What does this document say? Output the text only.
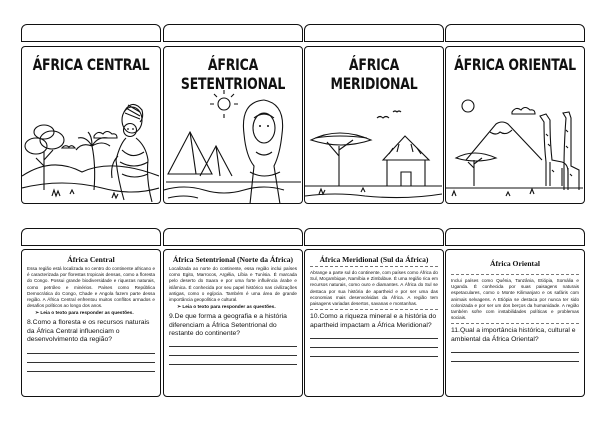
ÁFRICA CENTRAL	ÁFRICA SETENTRIONAL
ÁFRICA MERIDIONAL
ÁFRICA ORIENTAL
África Central
Essa região está localizada no centro do continente africano e é caracterizada por florestas tropicais densas, como a floresta do Congo. Possui grande biodiversidade e riquezas naturais, como petróleo e minérios. Países como República Democrática do Congo, Chade e Angola fazem parte dessa região. A África Central enfrentou muitos conflitos armados e desafios políticos ao longo dos anos.
➢ Leia o texto para responder as questões.
8.Como a floresta e os recursos naturais da África Central influenciam o desenvolvimento da região?
África Setentrional (Norte da África)
Localizada ao norte do continente, essa região inclui países como Egito, Marrocos, Argélia, Líbia e Tunísia. É marcada pelo deserto do Saara e por uma forte influência árabe e islâmica. É conhecida por seu papel histórico nas civilizações antigas, como o egípcia. Também é uma área de grande importância geopolítica e cultural.
➢ Leia o texto para responder as questões.
9.De que forma a geografia e a história diferenciam a África Setentrional do restante do continente?
África Meridional (Sul da África)
Abrange a parte sul do continente, com países como África do Sul, Moçambique, Namíbia e Zimbábue. É uma região rica em recursos naturais, como ouro e diamantes. A África do Sul se destaca por sua história de apartheid e por ser uma das economias mais desenvolvidas da África. A região tem paisagens variadas desertos, savanas e montanhas.
10.Como a riqueza mineral e a história do apartheid impactam a África Meridional?
África Oriental
Inclui países como Quênia, Tanzânia, Etiópia, Somália e Uganda. É conhecida por suas paisagens naturais espetaculares, como o Monte Kilimanjaro e os safáris com animais selvagens. A Etiópia se destaca por nunca ter sido colonizada e por ser um dos berços da humanidade. A região também sofre com instabilidades políticas e problemas sociais.
11.Qual a importância histórica, cultural e ambiental da África Oriental?
